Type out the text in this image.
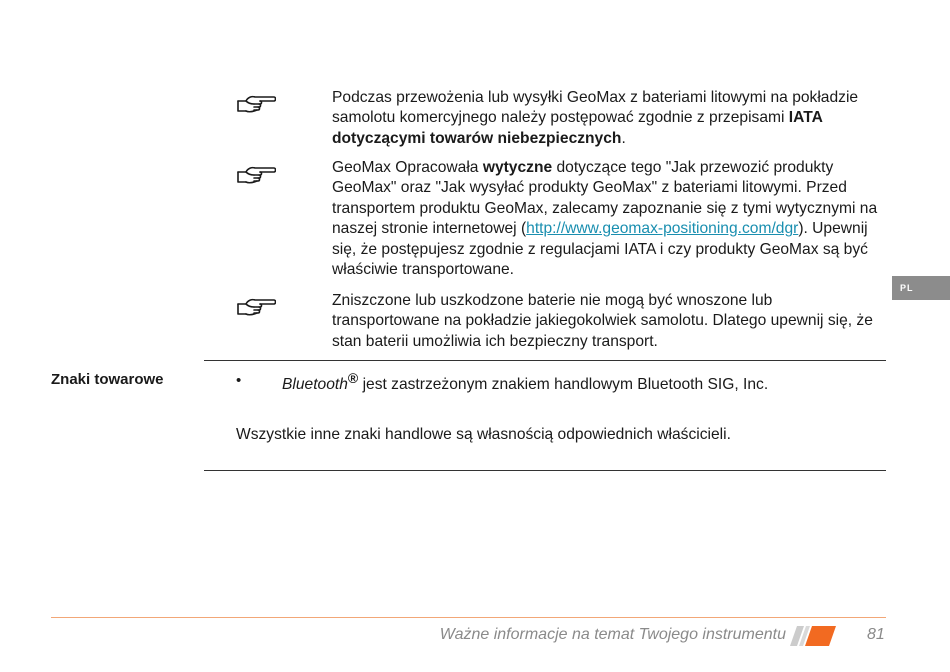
Podczas przewożenia lub wysyłki GeoMax z bateriami litowymi na pokładzie samolotu komercyjnego należy postępować zgodnie z przepisami IATA dotyczącymi towarów niebezpiecznych.
GeoMax Opracowała wytyczne dotyczące tego "Jak przewozić produkty GeoMax" oraz "Jak wysyłać produkty GeoMax" z bateriami litowymi. Przed transportem produktu GeoMax, zalecamy zapoznanie się z tymi wytycznymi na naszej stronie internetowej (http://www.geomax-positioning.com/dgr). Upewnij się, że postępujesz zgodnie z regulacjami IATA i czy produkty GeoMax są być właściwie transportowane.
Zniszczone lub uszkodzone baterie nie mogą być wnoszone lub transportowane na pokładzie jakiegokolwiek samolotu. Dlatego upewnij się, że stan baterii umożliwia ich bezpieczny transport.
PL
Znaki towarowe	•	Bluetooth® jest zastrzeżonym znakiem handlowym Bluetooth SIG, Inc.
Wszystkie inne znaki handlowe są własnością odpowiednich właścicieli.
Ważne informacje na temat Twojego instrumentu	81
